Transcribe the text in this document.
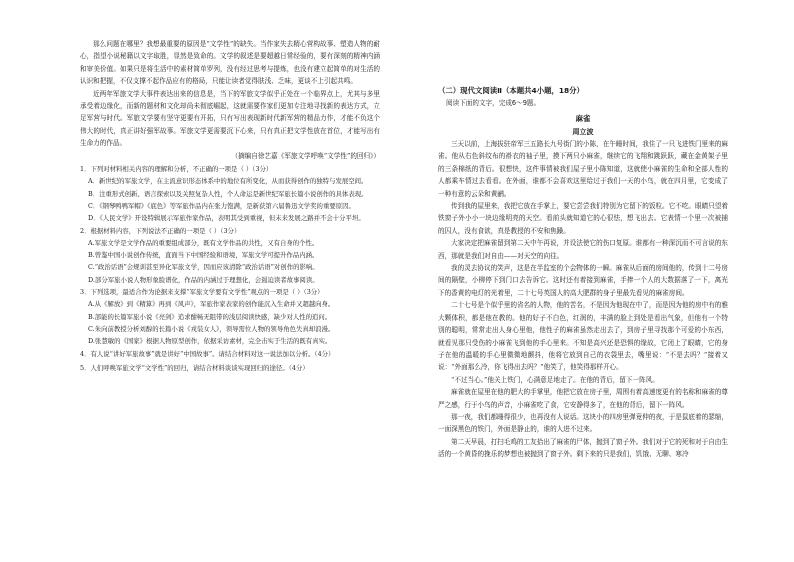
那么问题在哪里？我想最重要的原因是“文学性”的缺失。当作家失去精心营构故事、塑造人物的耐心，指望小说秘籍以文字取胜，显然是致命的。文学的叙述是要超越日常经验的，要有深刻的精神内涵和审美价值。如果只是将生活中的素材简单罗列，没有经过思考与提炼，也没有建立起简单的对生活的认识和把握，不仅支撑不起作品应有的格局，只能让读者觉得肤浅、乏味，更谈不上引起共鸣。

近两年军旅文学大事件表达出来的信息是，当下的军旅文学似乎正处在一个临界点上，尤其与多里承受着边缘化，而新的题材和文化却尚未彻底崛起，这就需要作家们更加专注地寻找新的表达方式，立足军营与时代。军旅文学要有坚守更要有开拓，只有写出表现新时代新军营的精品力作，才能不负这个伟大的时代，真正讲好强军故事。军旅文学更需要沉下心来，只有真正把文学性放在首位，才能写出有生命力的作品。

（摘编自徐艺嘉《军旅文学呼唤“文学性”的回归》）

1．下列对材料相关内容的理解和分析，不正确的一项是（ ）（3分）

A．新世纪的军旅文学，在主流意识形态体系中的地位有所变化，从而获得创作的独特与发展空间。

B．注重形式创新、语言探索以及关照复杂人性，个人命运是新世纪军旅长篇小说创作的具体表现。

C．《钢琴鸭鸭军帽》《底色》等军旅作品内在张力饱满，是新获第六届鲁迅文学奖的重要原因。

D．《人民文学》开设特辑展示军旅作家作品，表明其受到重视，但未来发展之路并不会十分平坦。

2．根据材料内容，下列说法不正确的一项是（ ）（3分）

A.军旅文学是文学作品的重要组成部分，既有文学作品的共性，又有自身的个性。

B.曾鉴中国小说创作传统，直面当下中国经验和语境，军旅文学可提升作品内涵。

C.“政治话语”会规训甚至异化军旅文学，因而应该清除“政治话语”对创作的影响。

D.部分军旅小说人物形象脸谱化，作品的内涵过于理想化，会遏迫读者故事阅读。

3．下列选项，最适合作为论据来支撑“军旅文学要有文学性”观点的一项是（ ）（3分）

A.从《解放》到《精算》再到《风声》，军旅作家表家的创作能沉入生命并又超越向身。

B.部能的长篇军旅小说《亮剑》追求酣畅无阻带的浅层阅读快感，缺少对人性的追问。

C.朱向前教授分析刘醇的长篇小说《戎装女人》，领导需位人物的领导角色失真却浪漫。

D.张慧敏的《国家》根据人物原型创作，依据采访素材，完全击实于生活的既有真实。

4．有人说“讲好军旅故事”就是讲好“中国故事”。请结合材料对这一说法加以分析。（4分）

5．人们呼唤军旅文学“文学性”的回归，请结合材料谈谈实现回归的途径。（4分）

（二）现代文阅读Ⅱ（本题共4小题，18分）
阅读下面的文字，完成6～9题。
麻雀
周立波

三天以前，上海拔驻帝军三五路长九号街门的小陈，在午睡时间，我住了一只飞进铁门里来的麻雀。他从右色斜纹布的褂衣的袖子里，摸下两只小麻雀，继续它的飞翔和跳跃跃，藏在金黄架子里的三条棉纸的背后。很想快，这件事情被我们屋子里小陈知道，这就使小麻雀的生命和全部人性的人都乘车情过去看看。在外面，谁都不会喜欢这里给过于我们一天的小鸟，就在四月里，它变成了一种有意的云朵和黄鹂。

传到我的屋里来，我把它放在手掌上，要它尝尝我们特别为它留下的饭粒。它不吃。眼睛只望着铁窗子外小小一块边缘明亮的天空。看前头就知道它的心很怯，想飞出去。它表情一个里一次被捕的囚人，没有食欲，真是教授的不安和焦躁。

大家决定把麻雀留到第二天中午再说，并设法使它的伤口复原。谁都有一种深沉而不可言说的东西，那就是我们对自由——对天空的向往。

我的灵去协议的笑声，这是在半监室的个会物体的一瞬。麻雀从后面的房间他的，传到十二号房间的隔壁，小柳停下到门口去告诉它。这时还有着接到麻雀，手捧一个人的大数据落了一下，离光下的香黄的电灯的光着里，二十七号英国人的高大肥群的身子里最先看见的麻雀房间。

二十七号是个似乎里的省名的人物，他的苦名，不是因为他现在中了，而是因为他的房中有的雅大颗体积，都是他在教的。他的好子不白色，红润的，丰满的脸上到处是看出气象，但他有一个特别的聪明，常常走出人身心里他，他性子的麻雀虽然走出去了，到房子里寻找那个可爱的小东西，就看见那只受伤的小麻雀飞到他的手心里来。不知是高兴还是恐惧的缘故，它闭上了眼睛，它的身子在他的温暖的手心里微微地颤抖，他将它放到自己的衣袋里去，嘴里说：“不是去吗？”接着又说：“外面那么冷，你飞得出去吗？”他笑了，他笑得那样开心。

“不过当心。”他关上铁门，心满意足地走了。在他的背后，留下一阵风。

麻雀就在屋里在他的肥大的手掌里，他把它放在房子里，周围有着高速度更有的名称和麻雀的尊严之感，行于小鸟的声音，小麻雀吃了食，它安静得多了，在他的背后，留下一阵风。

那一夜，我们都睡得很少，也再没有人说话。这块小的四房里弹竟伸的夜，于是鼠底着的瑟缩，一面深黑色的铁门，外面是静止的，谁的人进不过来。

第二天早晨，打扫毛鸡的工友拾出了麻雀的尸体，抛到了窗子外。我们对于它的死和对于自由生活的一个黄昏的挽乐的梦想也被抛到了窗子外。剩下来的只是我们，饥饿、无聊、寒冷
